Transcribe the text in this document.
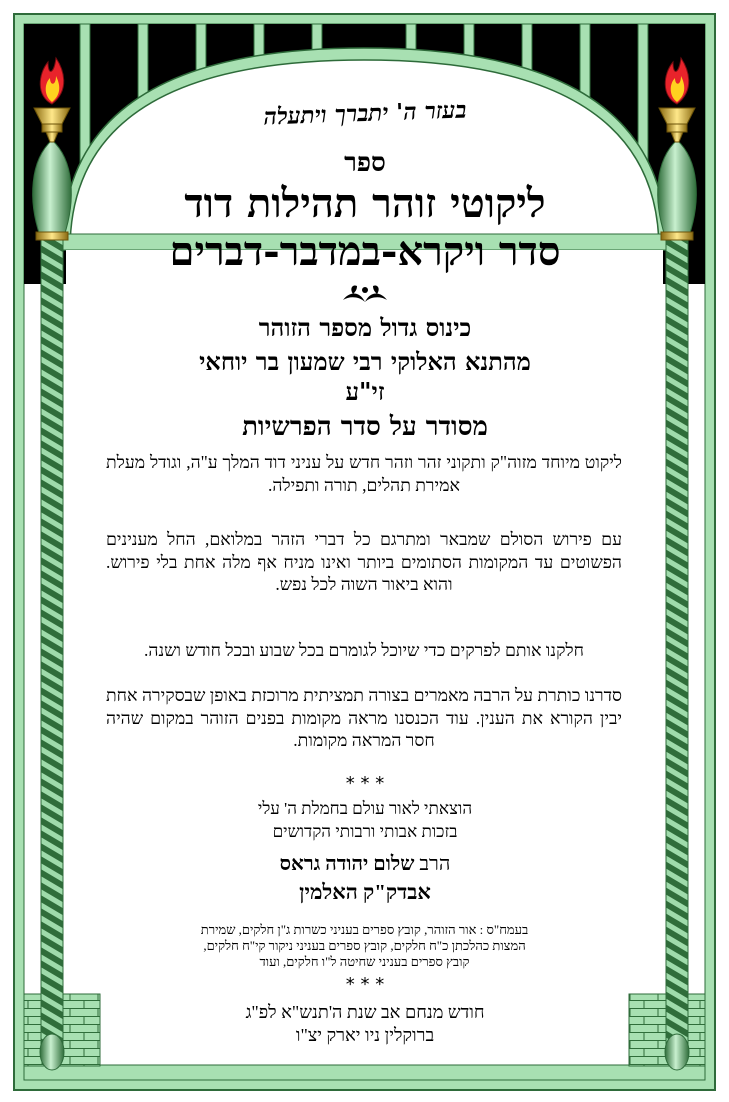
בעזר ה' יתברך ויתעלה
ספר
ליקוטי זוהר תהילות דוד
סדר ויקרא-במדבר-דברים
כינוס גדול מספר הזוהר
מהתנא האלוקי רבי שמעון בר יוחאי
זי"ע
מסודר על סדר הפרשיות
ליקוט מיוחד מזוה"ק ותקוני זהר וזהר חדש על עניני דוד המלך ע"ה, וגודל מעלת אמירת תהלים, תורה ותפילה.
עם פירוש הסולם שמבאר ומתרגם כל דברי הזהר במלואם, החל מענינים הפשוטים עד המקומות הסתומים ביותר ואינו מניח אף מלה אחת בלי פירוש. והוא ביאור השוה לכל נפש.
חלקנו אותם לפרקים כדי שיוכל לגומרם בכל שבוע ובכל חודש ושנה.
סדרנו כותרת על הרבה מאמרים בצורה תמציתית מרוכזת באופן שבסקירה אחת יבין הקורא את הענין. עוד הכנסנו מראה מקומות בפנים הזוהר במקום שהיה חסר המראה מקומות.
* * *
הוצאתי לאור עולם בחמלת ה' עלי
בזכות אבותי ורבותי הקדושים
הרב שלום יהודה גראס
אבדק"ק האלמין
בעמח"ס : אור הזוהר, קובץ ספרים בעניני כשרות ג"ן חלקים, שמירת
המצות כהלכתן כ"ח חלקים, קובץ ספרים בעניני ניקור קי"ח חלקים,
קובץ ספרים בעניני שחיטה ל"ו חלקים, ועוד
* * *
חודש מנחם אב שנת ה'תנש"א לפ"ג
ברוקלין ניו יארק יצ"ו
